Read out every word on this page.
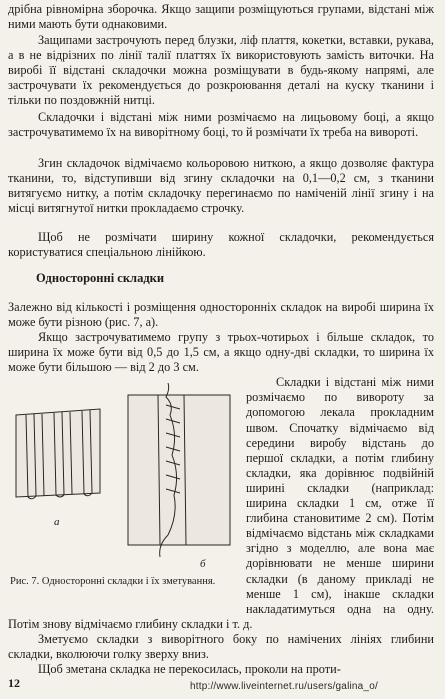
дрібна рівномірна зборочка. Якщо защипи розміщуються групами, відстані між ними мають бути однаковими.
Защипами застрочують перед блузки, ліф плаття, кокетки, вставки, рукава, а в не відрізних по лінії талії платтях їх використовують замість виточки. На виробі її відстані складочки можна розміщувати в будь-якому напрямі, але застрочувати їх рекомендується до розкроювання деталі на куску тканини і тільки по поздовжній нитці.
Складочки і відстані між ними розмічаємо на лицьовому боці, а якщо застрочуватимемо їх на виворітному боці, то й розмічати їх треба на вивороті.
Згин складочок відмічаємо кольоровою ниткою, а якщо дозволяє фактура тканини, то, відступивши від згину складочки на 0,1—0,2 см, з тканини витягуємо нитку, а потім складочку перегинаємо по наміченій лінії згину і на місці витягнутої нитки прокладаємо строчку.
Щоб не розмічати ширину кожної складочки, рекомендується користуватися спеціальною лінійкою.
Односторонні складки
Залежно від кількості і розміщення односторонніх складок на виробі ширина їх може бути різною (рис. 7, а).
Якщо застрочуватимемо групу з трьох-чотирьох і більше складок, то ширина їх може бути від 0,5 до 1,5 см, а якщо одну-дві складки, то ширина їх може бути більшою — від 2 до 3 см.
а
б
Рис. 7. Односторонні складки і їх зметування.
Складки і відстані між ними розмічаємо по вивороту за допомогою лекала прокладним швом. Спочатку відмічаємо від середини виробу відстань до першої складки, а потім глибину складки, яка дорівнює подвійній ширині складки (наприклад: ширина складки 1 см, отже її глибина становитиме 2 см). Потім відмічаємо відстань між складками згідно з моделлю, але вона має дорівнювати не менше ширини складки (в даному прикладі не менше 1 см), інакше складки накладатимуться одна на одну. Потім знову відмічаємо глибину складки і т. д.
Зметуємо складки з виворітного боку по намічених лініях глибини складки, вколюючи голку зверху вниз.
Щоб зметана складка не перекосилась, проколи на проти-
12	http://www.liveinternet.ru/users/galina_o/
